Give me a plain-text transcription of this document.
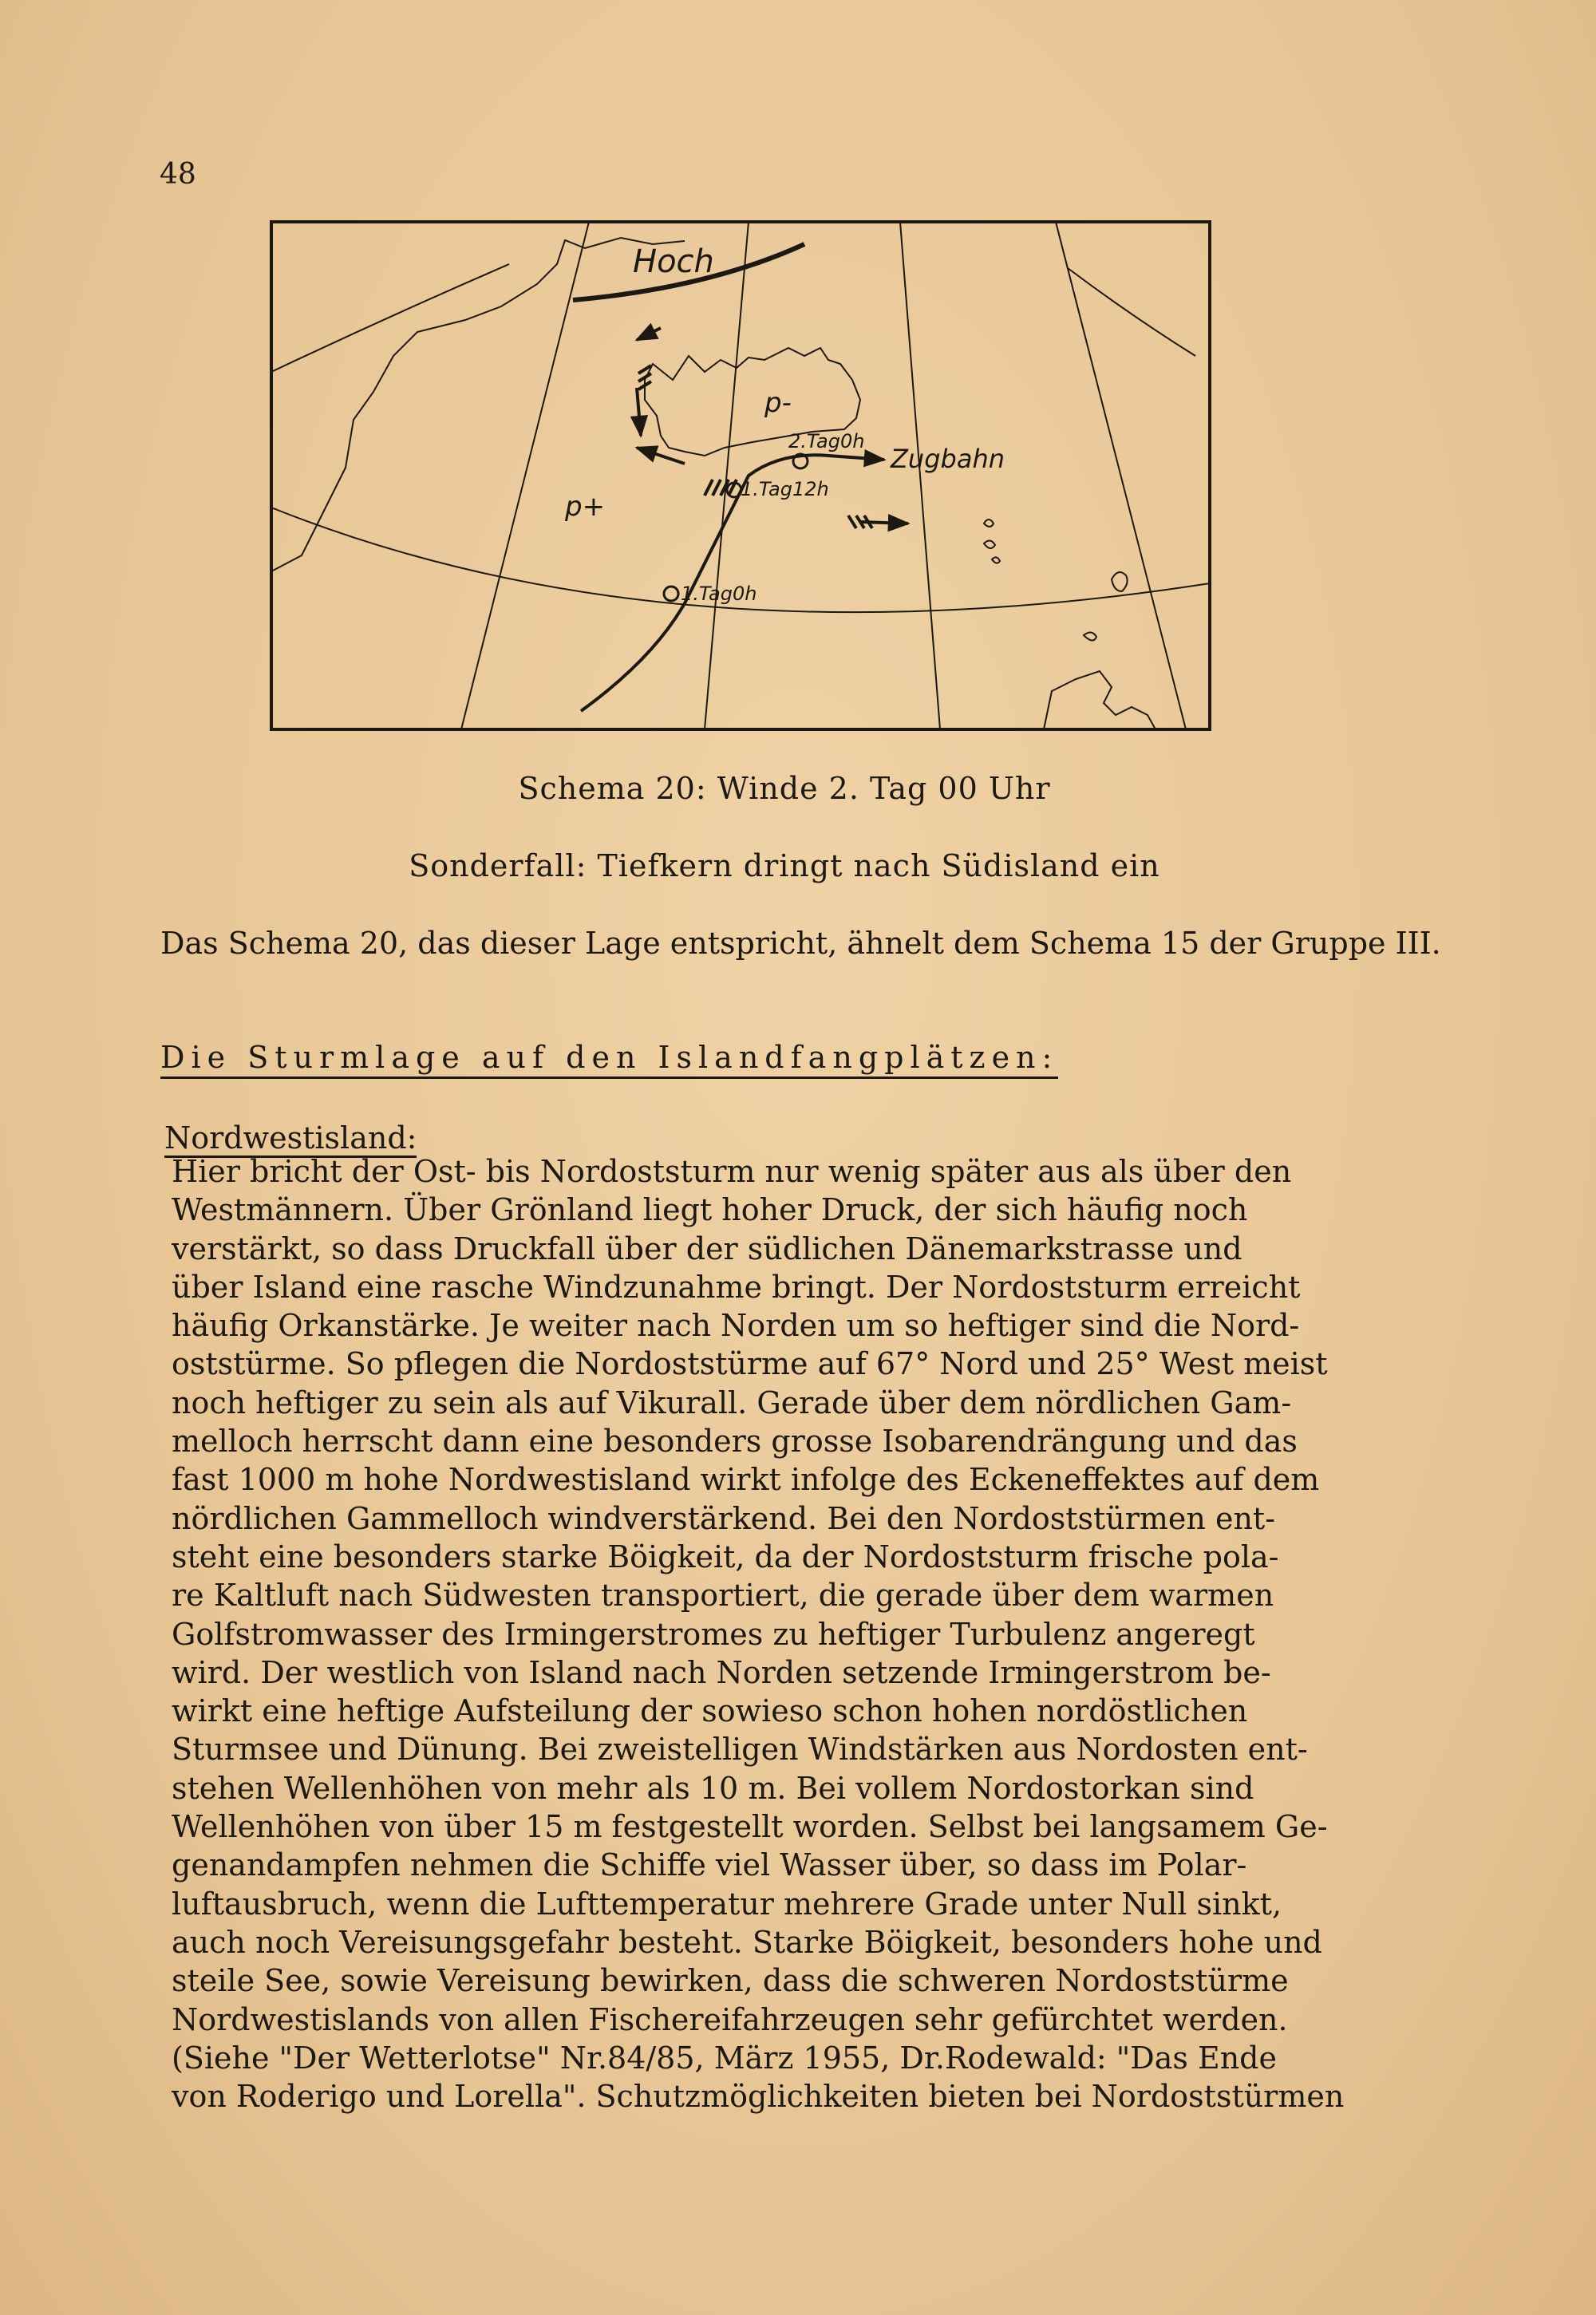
48
Hoch
p-
p+
2.Tag0h
Zugbahn
1.Tag12h
1.Tag0h
Schema 20: Winde 2. Tag 00 Uhr
Sonderfall: Tiefkern dringt nach Südisland ein
Das Schema 20, das dieser Lage entspricht, ähnelt dem Schema 15 der Gruppe III.
Die Sturmlage auf den Islandfangplätzen:
Nordwestisland:
Hier bricht der Ost- bis Nordoststurm nur wenig später aus als über den
Westmännern. Über Grönland liegt hoher Druck, der sich häufig noch
verstärkt, so dass Druckfall über der südlichen Dänemarkstrasse und
über Island eine rasche Windzunahme bringt. Der Nordoststurm erreicht
häufig Orkanstärke. Je weiter nach Norden um so heftiger sind die Nord-
oststürme. So pflegen die Nordoststürme auf 67° Nord und 25° West meist
noch heftiger zu sein als auf Vikurall. Gerade über dem nördlichen Gam-
melloch herrscht dann eine besonders grosse Isobarendrängung und das
fast 1000 m hohe Nordwestisland wirkt infolge des Eckeneffektes auf dem
nördlichen Gammelloch windverstärkend. Bei den Nordoststürmen ent-
steht eine besonders starke Böigkeit, da der Nordoststurm frische pola-
re Kaltluft nach Südwesten transportiert, die gerade über dem warmen
Golfstromwasser des Irmingerstromes zu heftiger Turbulenz angeregt
wird. Der westlich von Island nach Norden setzende Irmingerstrom be-
wirkt eine heftige Aufsteilung der sowieso schon hohen nordöstlichen
Sturmsee und Dünung. Bei zweistelligen Windstärken aus Nordosten ent-
stehen Wellenhöhen von mehr als 10 m. Bei vollem Nordostorkan sind
Wellenhöhen von über 15 m festgestellt worden. Selbst bei langsamem Ge-
genandampfen nehmen die Schiffe viel Wasser über, so dass im Polar-
luftausbruch, wenn die Lufttemperatur mehrere Grade unter Null sinkt,
auch noch Vereisungsgefahr besteht. Starke Böigkeit, besonders hohe und
steile See, sowie Vereisung bewirken, dass die schweren Nordoststürme
Nordwestislands von allen Fischereifahrzeugen sehr gefürchtet werden.
(Siehe "Der Wetterlotse" Nr.84/85, März 1955, Dr.Rodewald: "Das Ende
von Roderigo und Lorella". Schutzmöglichkeiten bieten bei Nordoststürmen
